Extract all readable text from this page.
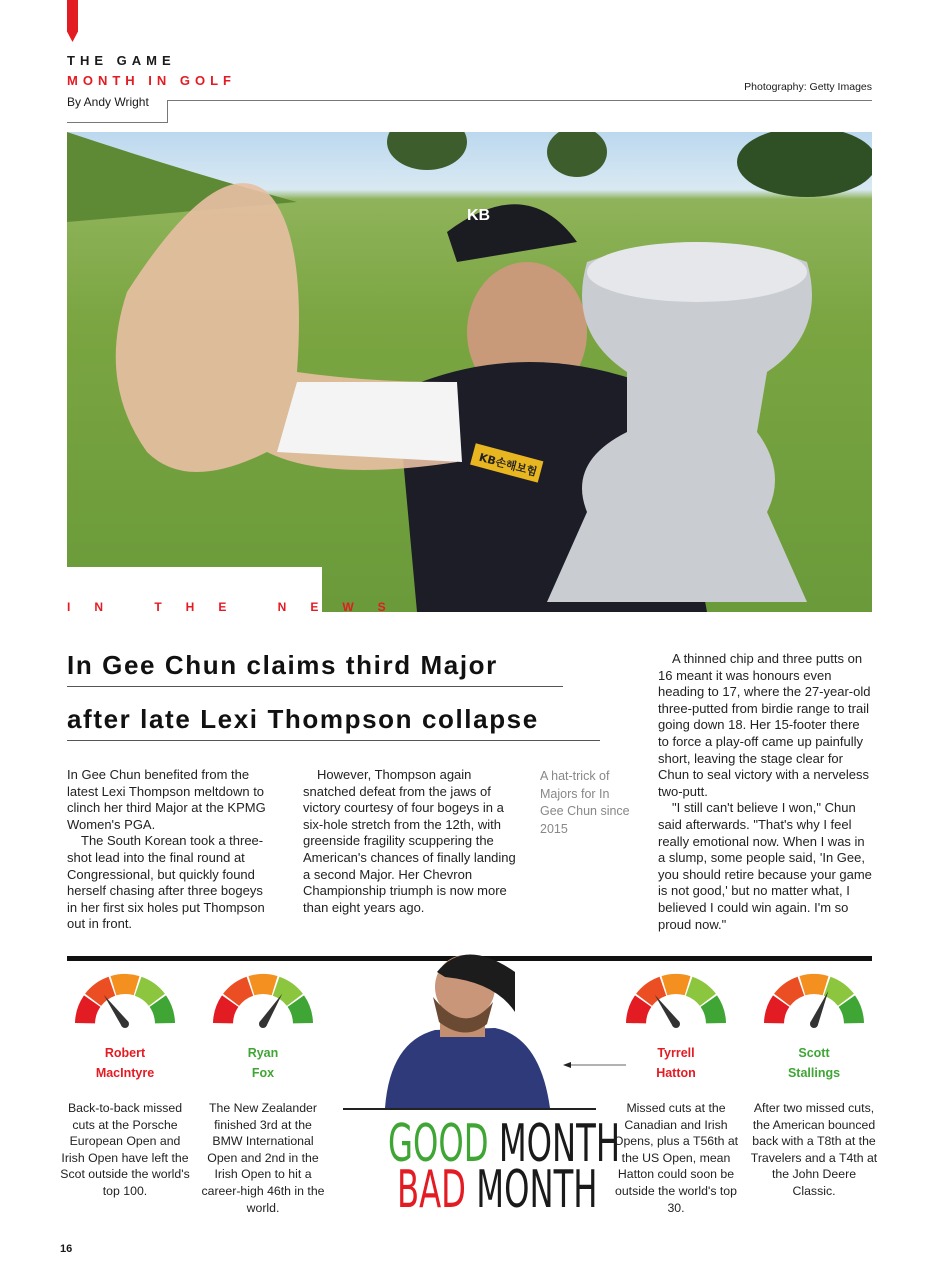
THE GAME
MONTH IN GOLF
By Andy Wright
Photography: Getty Images
KB
KB손해보험
IN THE NEWS
In Gee Chun claims third Major
after late Lexi Thompson collapse

In Gee Chun benefited from the latest Lexi Thompson meltdown to clinch her third Major at the KPMG Women's PGA.

The South Korean took a three-shot lead into the final round at Congressional, but quickly found herself chasing after three bogeys in her first six holes put Thompson out in front.

However, Thompson again snatched defeat from the jaws of victory courtesy of four bogeys in a six-hole stretch from the 12th, with greenside fragility scuppering the American's chances of finally landing a second Major. Her Chevron Championship triumph is now more than eight years ago.

A hat-trick of Majors for In Gee Chun since 2015

A thinned chip and three putts on 16 meant it was honours even heading to 17, where the 27-year-old three-putted from birdie range to trail going down 18. Her 15-footer there to force a play-off came up painfully short, leaving the stage clear for Chun to seal victory with a nerveless two-putt.

"I still can't believe I won," Chun said afterwards. "That's why I feel really emotional now. When I was in a slump, some people said, 'In Gee, you should retire because your game is not good,' but no matter what, I believed I could win again. I'm so proud now."

Robert
MacIntyre
Back-to-back missed cuts at the Porsche European Open and Irish Open have left the Scot outside the world's top 100.
Ryan
Fox
The New Zealander finished 3rd at the BMW International Open and 2nd in the Irish Open to hit a career-high 46th in the world.
Tyrrell
Hatton
Missed cuts at the Canadian and Irish Opens, plus a T56th at the US Open, mean Hatton could soon be outside the world's top 30.
Scott
Stallings
After two missed cuts, the American bounced back with a T8th at the Travelers and a T4th at the John Deere Classic.
GOOD MONTH
BAD MONTH
16
